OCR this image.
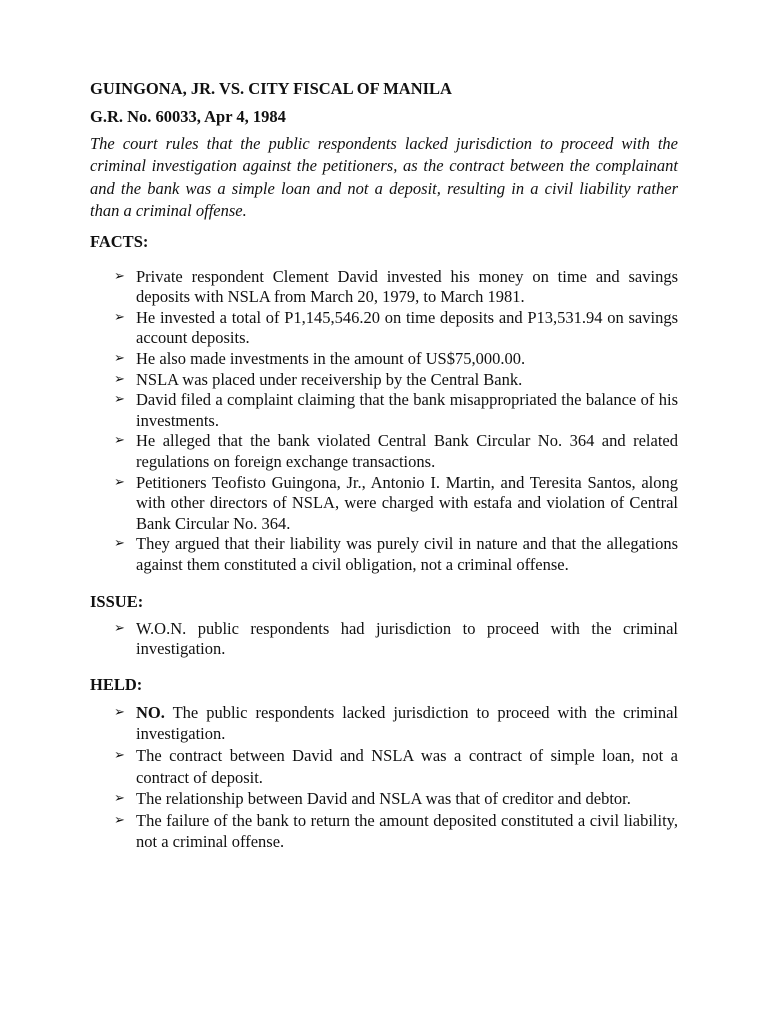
GUINGONA, JR. VS. CITY FISCAL OF MANILA

G.R. No. 60033, Apr 4, 1984

The court rules that the public respondents lacked jurisdiction to proceed with the criminal investigation against the petitioners, as the contract between the complainant and the bank was a simple loan and not a deposit, resulting in a civil liability rather than a criminal offense.

FACTS:

➢ Private respondent Clement David invested his money on time and savings deposits with NSLA from March 20, 1979, to March 1981.
➢ He invested a total of P1,145,546.20 on time deposits and P13,531.94 on savings account deposits.
➢ He also made investments in the amount of US$75,000.00.
➢ NSLA was placed under receivership by the Central Bank.
➢ David filed a complaint claiming that the bank misappropriated the balance of his investments.
➢ He alleged that the bank violated Central Bank Circular No. 364 and related regulations on foreign exchange transactions.
➢ Petitioners Teofisto Guingona, Jr., Antonio I. Martin, and Teresita Santos, along with other directors of NSLA, were charged with estafa and violation of Central Bank Circular No. 364.
➢ They argued that their liability was purely civil in nature and that the allegations against them constituted a civil obligation, not a criminal offense.

ISSUE:

➢ W.O.N. public respondents had jurisdiction to proceed with the criminal investigation.

HELD:

➢ NO. The public respondents lacked jurisdiction to proceed with the criminal investigation.
➢ The contract between David and NSLA was a contract of simple loan, not a contract of deposit.
➢ The relationship between David and NSLA was that of creditor and debtor.
➢ The failure of the bank to return the amount deposited constituted a civil liability, not a criminal offense.
